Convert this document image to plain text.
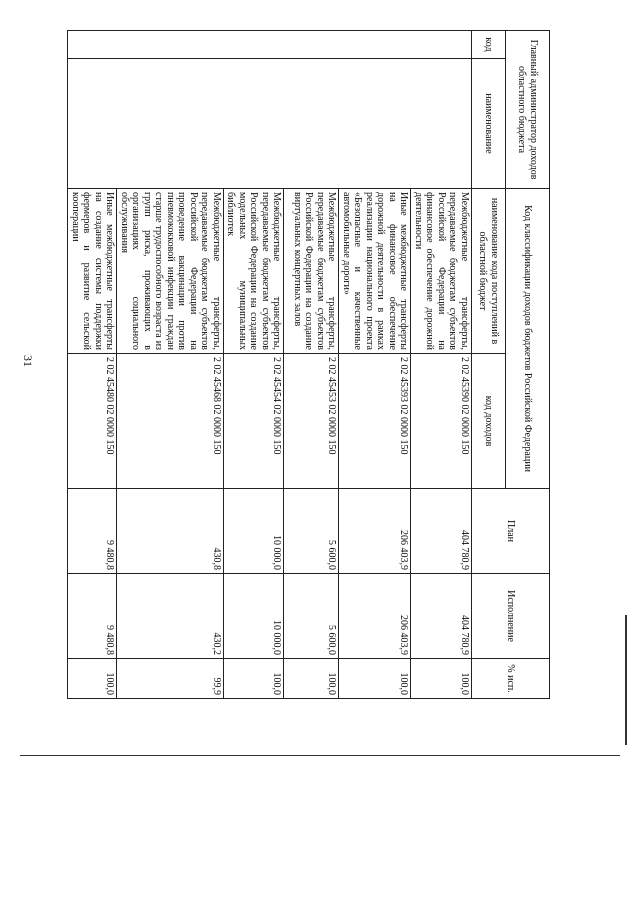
31
Главный администратор доходов областного бюджета		Код классификации доходов бюджетов Российской Федерации		План	Исполнение	% исп.
код	наименование	наименование кода поступлений в областной бюджет	код доходов			
		Межбюджетные трансферты, передаваемые бюджетам субъектов Российской Федерации на финансовое обеспечение дорожной деятельности	2 02 45390 02 0000 150	404 780,9	404 780,9	100,0
		Иные межбюджетные трансферты на финансовое обеспечение дорожной деятельности в рамках реализации национального проекта «Безопасные и качественные автомобильные дороги»	2 02 45393 02 0000 150	206 403,9	206 403,9	100,0
		Межбюджетные трансферты, передаваемые бюджетам субъектов Российской Федерации на создание виртуальных концертных залов	2 02 45453 02 0000 150	5 600,0	5 600,0	100,0
		Межбюджетные трансферты, передаваемые бюджетам субъектов Российской Федерации на создание модельных муниципальных библиотек	2 02 45454 02 0000 150	10 000,0	10 000,0	100,0
		Межбюджетные трансферты, передаваемые бюджетам субъектов Российской Федерации на проведение вакцинации против пневмококковой инфекции граждан старше трудоспособного возраста из групп риска, проживающих в организациях социального обслуживания	2 02 45468 02 0000 150	430,8	430,2	99,9
		Иные межбюджетные трансферты на создание системы поддержки фермеров и развитие сельской кооперации	2 02 45480 02 0000 150	9 480,8	9 480,8	100,0
